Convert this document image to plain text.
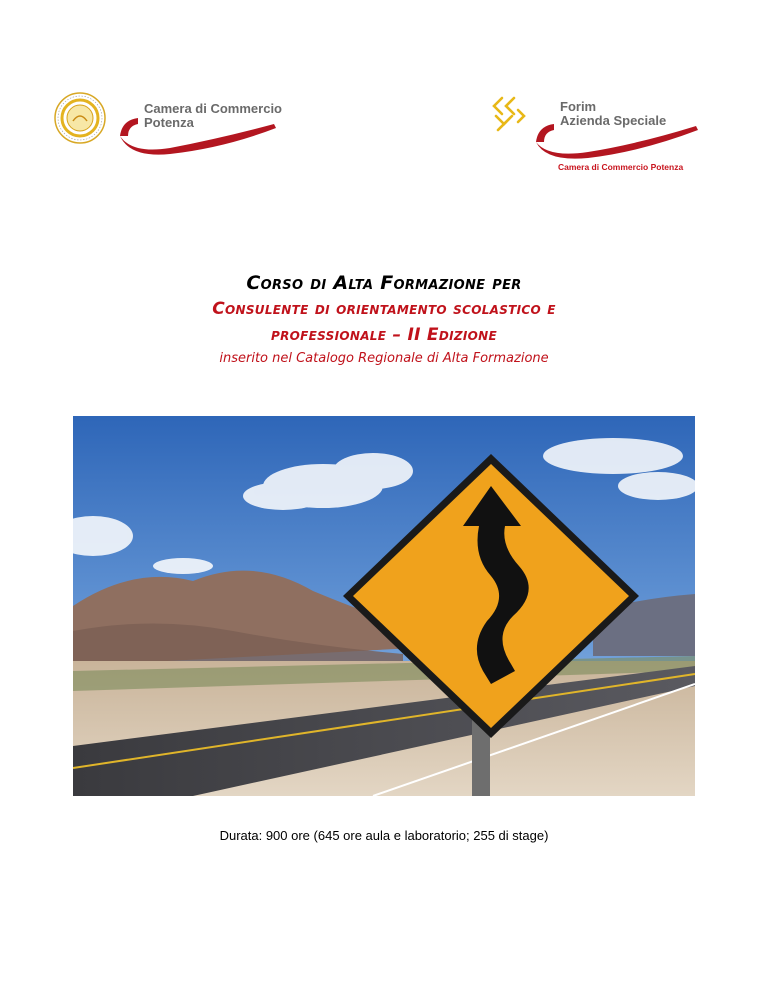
Camera di Commercio
Potenza
Forim
Azienda Speciale
Camera di Commercio Potenza
Corso di Alta Formazione per
Consulente di orientamento scolastico e
professionale – II Edizione
inserito nel Catalogo Regionale di Alta Formazione
Durata: 900 ore (645 ore aula e laboratorio; 255 di stage)
